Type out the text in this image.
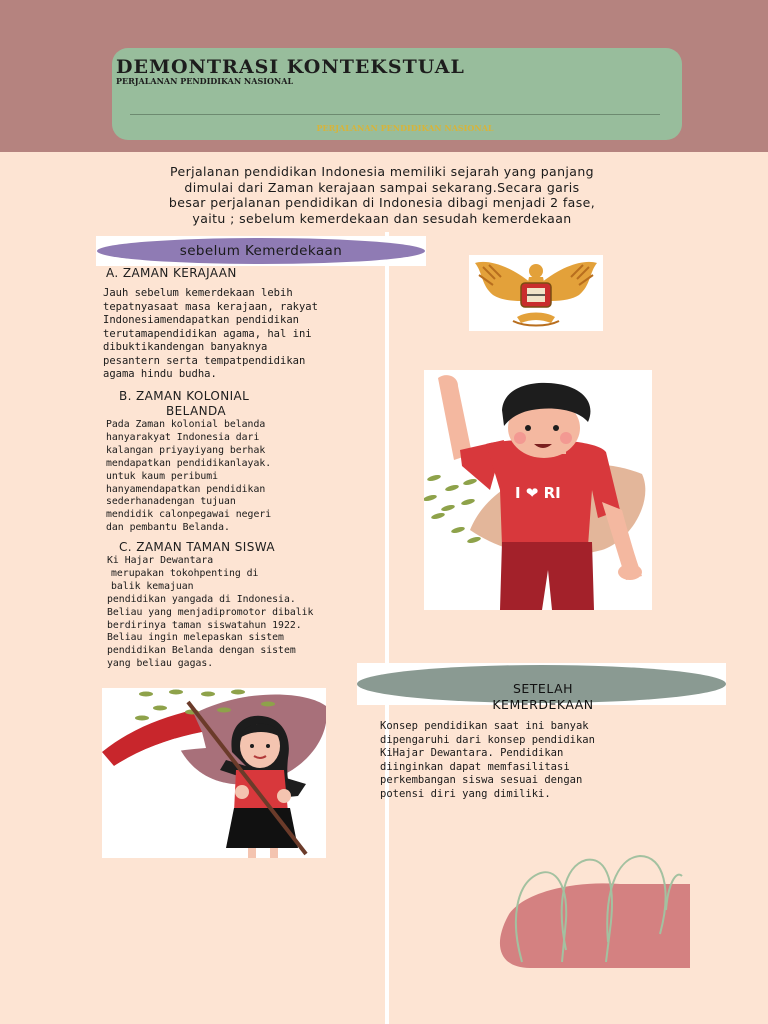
DEMONTRASI KONTEKSTUAL
PERJALANAN PENDIDIKAN NASIONAL
PERJALANAN PENDIDIKAN NASIONAL
Perjalanan pendidikan Indonesia memiliki sejarah yang panjang
dimulai dari Zaman kerajaan sampai sekarang.Secara garis
besar perjalanan pendidikan di Indonesia dibagi menjadi 2 fase,
yaitu ; sebelum kemerdekaan dan sesudah kemerdekaan
sebelum Kemerdekaan
A. ZAMAN KERAJAAN
Jauh sebelum kemerdekaan lebih
tepatnyasaat masa kerajaan, rakyat
Indonesiamendapatkan pendidikan
terutamapendidikan agama, hal ini
dibuktikandengan banyaknya
pesantern serta tempatpendidikan
agama hindu budha.
B. ZAMAN KOLONIAL
BELANDA
Pada Zaman kolonial belanda
hanyarakyat Indonesia dari
kalangan priyayiyang berhak
mendapatkan pendidikanlayak.
untuk kaum peribumi
hanyamendapatkan pendidikan
sederhanadengan tujuan
mendidik calonpegawai negeri
dan pembantu Belanda.
C. ZAMAN TAMAN SISWA
Ki Hajar Dewantara
merupakan tokohpenting di
balik kemajuan
pendidikan yangada di Indonesia.
Beliau yang menjadipromotor dibalik
berdirinya taman siswatahun 1922.
Beliau ingin melepaskan sistem
pendidikan Belanda dengan sistem
yang beliau gagas.
I ❤ RI
SETELAH
KEMERDEKAAN
Konsep pendidikan saat ini banyak
dipengaruhi dari konsep pendidikan
KiHajar Dewantara. Pendidikan
diinginkan dapat memfasilitasi
perkembangan siswa sesuai dengan
potensi diri yang dimiliki.
